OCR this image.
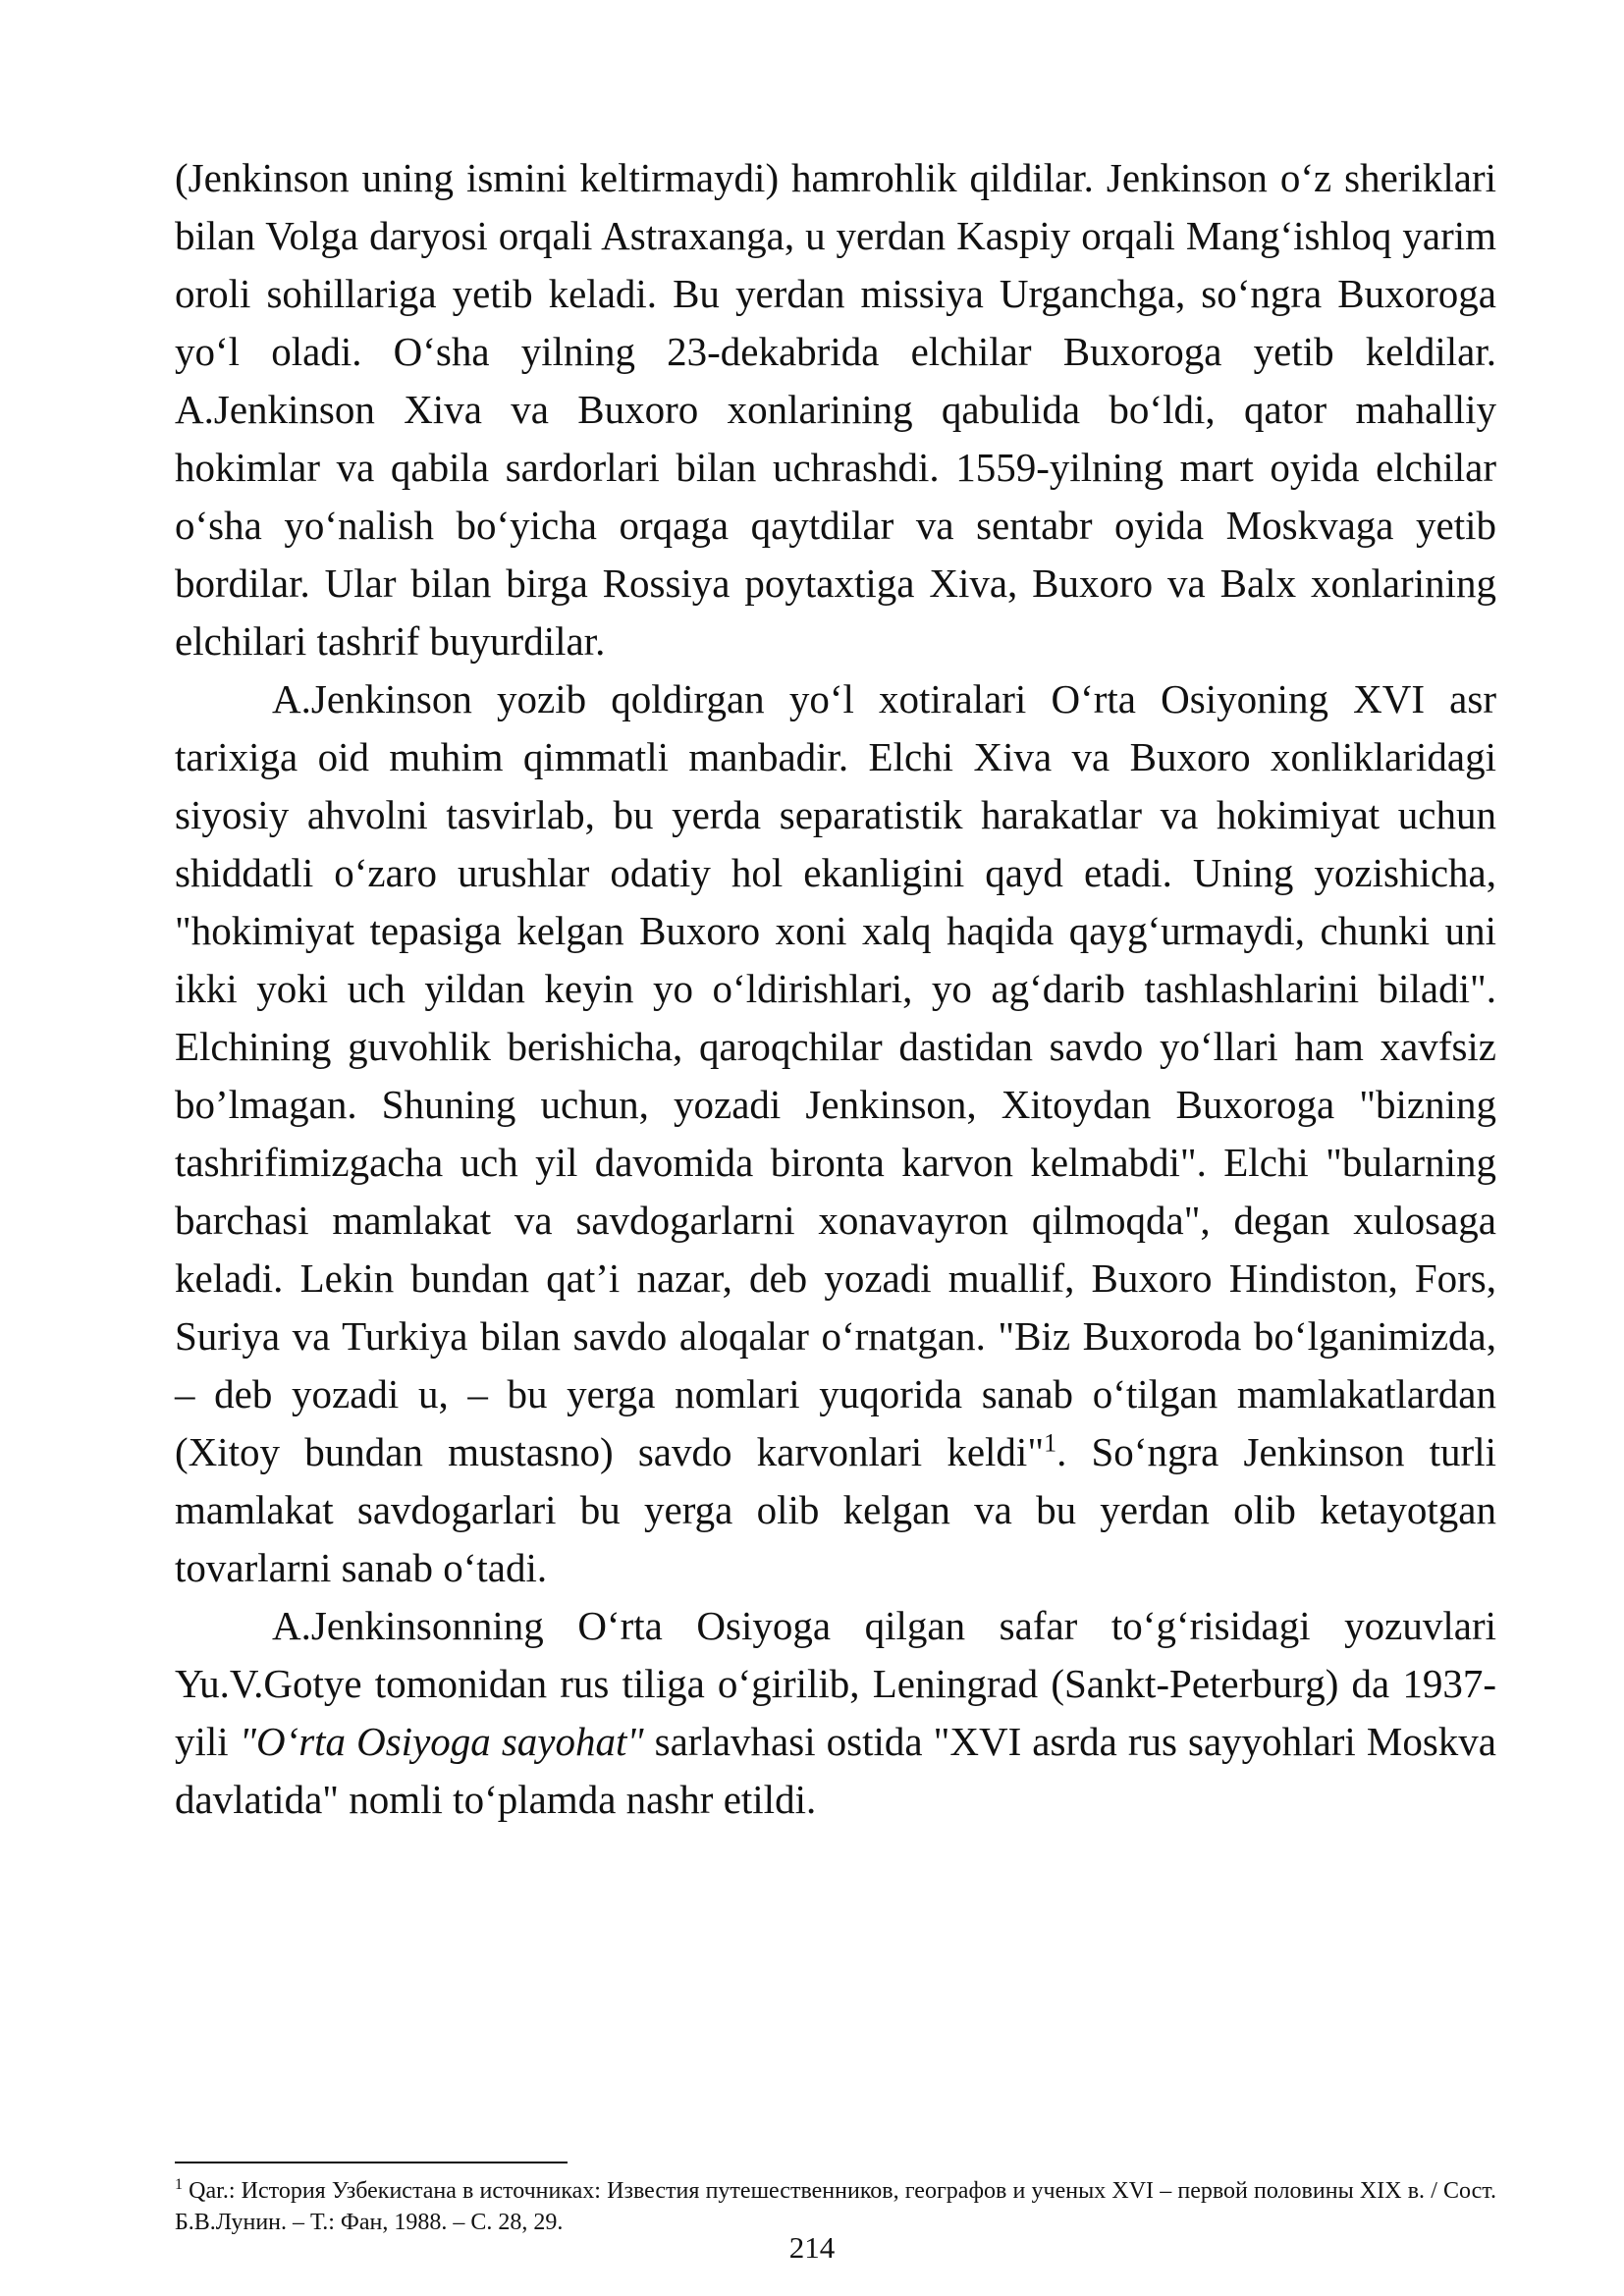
(Jenkinson uning ismini keltirmaydi) hamrohlik qildilar. Jenkinson o‘z sheriklari bilan Volga daryosi orqali Astraxanga, u yerdan Kaspiy orqali Mang‘ishloq yarim oroli sohillariga yetib keladi. Bu yerdan missiya Urganchga, so‘ngra Buxoroga yo‘l oladi. O‘sha yilning 23-dekabrida elchilar Buxoroga yetib keldilar. A.Jenkinson Xiva va Buxoro xonlarining qabulida bo‘ldi, qator mahalliy hokimlar va qabila sardorlari bilan uchrashdi. 1559-yilning mart oyida elchilar o‘sha yo‘nalish bo‘yicha orqaga qaytdilar va sentabr oyida Moskvaga yetib bordilar. Ular bilan birga Rossiya poytaxtiga Xiva, Buxoro va Balx xonlarining elchilari tashrif buyurdilar.

A.Jenkinson yozib qoldirgan yo‘l xotiralari O‘rta Osiyoning XVI asr tarixiga oid muhim qimmatli manbadir. Elchi Xiva va Buxoro xonliklaridagi siyosiy ahvolni tasvirlab, bu yerda separatistik harakatlar va hokimiyat uchun shiddatli o‘zaro urushlar odatiy hol ekanligini qayd etadi. Uning yozishicha, "hokimiyat tepasiga kelgan Buxoro xoni xalq haqida qayg‘urmaydi, chunki uni ikki yoki uch yildan keyin yo o‘ldirishlari, yo ag‘darib tashlashlarini biladi". Elchining guvohlik berishicha, qaroqchilar dastidan savdo yo‘llari ham xavfsiz bo’lmagan. Shuning uchun, yozadi Jenkinson, Xitoydan Buxoroga "bizning tashrifimizgacha uch yil davomida bironta karvon kelmabdi". Elchi "bularning barchasi mamlakat va savdogarlarni xonavayron qilmoqda", degan xulosaga keladi. Lekin bundan qat’i nazar, deb yozadi muallif, Buxoro Hindiston, Fors, Suriya va Turkiya bilan savdo aloqalar o‘rnatgan. "Biz Buxoroda bo‘lganimizda, – deb yozadi u, – bu yerga nomlari yuqorida sanab o‘tilgan mamlakatlardan (Xitoy bundan mustasno) savdo karvonlari keldi"$^1$. So‘ngra Jenkinson turli mamlakat savdogarlari bu yerga olib kelgan va bu yerdan olib ketayotgan tovarlarni sanab o‘tadi.

A.Jenkinsonning O‘rta Osiyoga qilgan safar to‘g‘risidagi yozuvlari Yu.V.Gotye tomonidan rus tiliga o‘girilib, Leningrad (Sankt-Peterburg) da 1937-yili "O‘rta Osiyoga sayohat" sarlavhasi ostida "XVI asrda rus sayyohlari Moskva davlatida" nomli to‘plamda nashr etildi.

$^1$ Qar.: История Узбекистана в источниках: Известия путешественников, географов и ученых XVI – первой половины XIX в. / Сост. Б.В.Лунин. – Т.: Фан, 1988. – С. 28, 29.
214
